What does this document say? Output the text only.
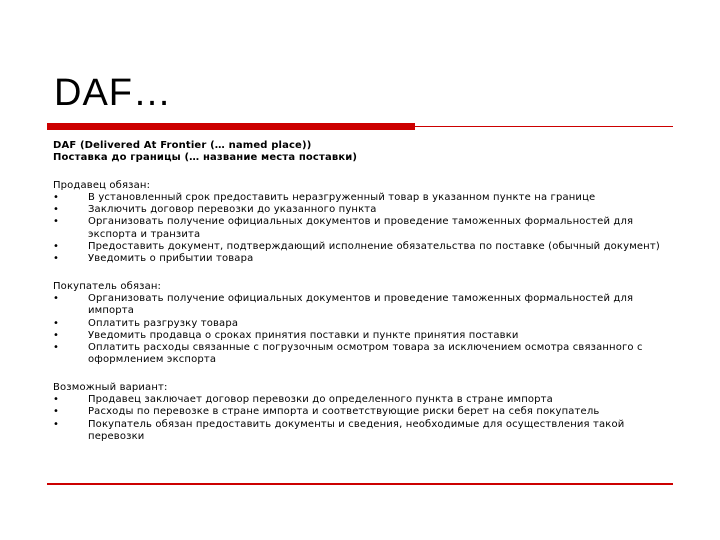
DAF…
DAF (Delivered At Frontier (… named place))
Поставка до границы (… название места поставки)
Продавец обязан:
•	В установленный срок предоставить неразгруженный товар в указанном пункте на границе
•	Заключить договор перевозки до указанного пункта
•	Организовать получение официальных документов и проведение таможенных формальностей для экспорта и транзита
•	Предоставить документ, подтверждающий исполнение обязательства по поставке (обычный документ)
•	Уведомить о прибытии товара
Покупатель обязан:
•	Организовать получение официальных документов и проведение таможенных формальностей для импорта
•	Оплатить разгрузку товара
•	Уведомить продавца о сроках принятия поставки и пункте принятия поставки
•	Оплатить расходы связанные с погрузочным осмотром товара за исключением осмотра связанного с оформлением экспорта
Возможный вариант:
•	Продавец заключает договор перевозки до определенного пункта в стране импорта
•	Расходы по перевозке в стране импорта и соответствующие риски берет на себя покупатель
•	Покупатель обязан предоставить документы и сведения, необходимые для осуществления такой перевозки
